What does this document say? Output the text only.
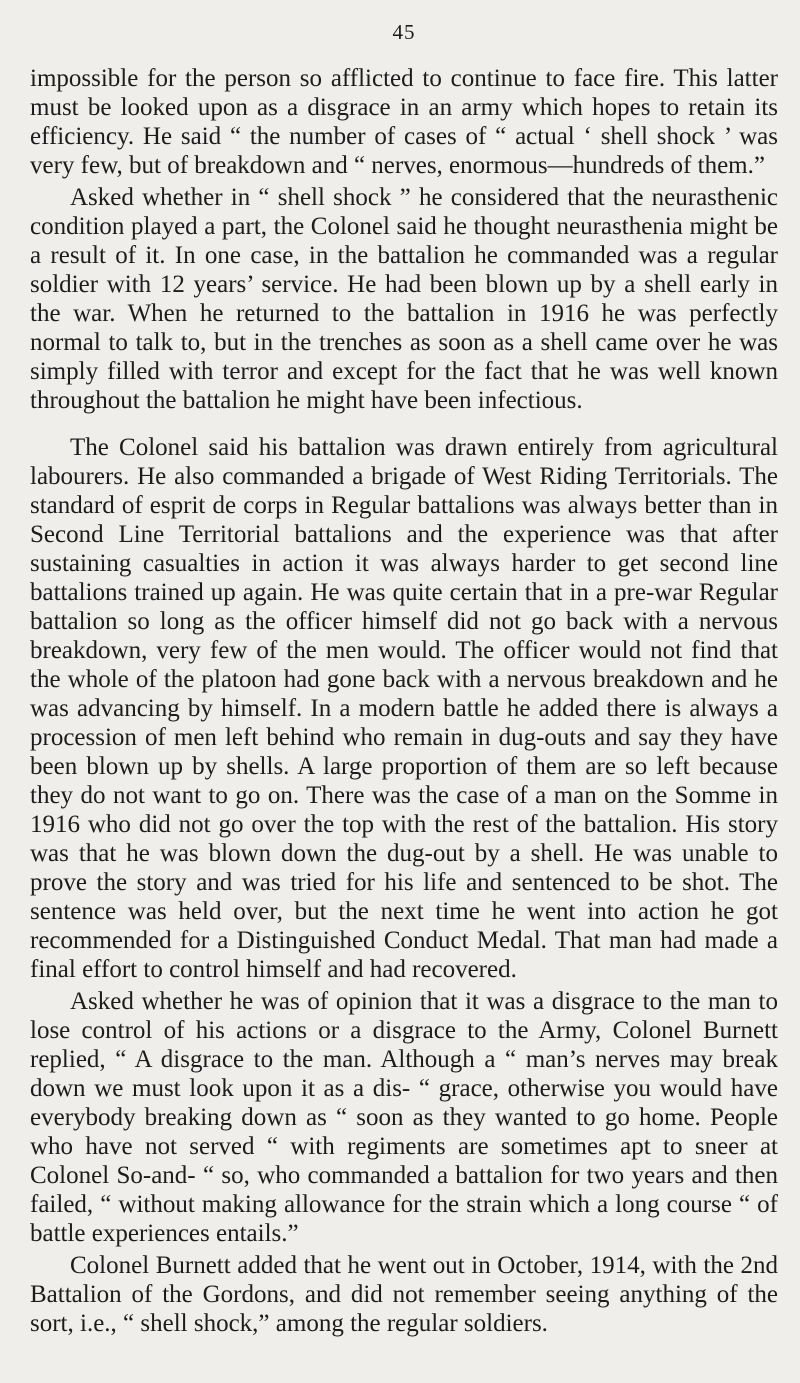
45

impossible for the person so afflicted to continue to face fire. This latter must be looked upon as a disgrace in an army which hopes to retain its efficiency. He said “ the number of cases of “ actual ‘ shell shock ’ was very few, but of breakdown and “ nerves, enormous—hundreds of them.”

Asked whether in “ shell shock ” he considered that the neurasthenic condition played a part, the Colonel said he thought neurasthenia might be a result of it. In one case, in the battalion he commanded was a regular soldier with 12 years’ service. He had been blown up by a shell early in the war. When he returned to the battalion in 1916 he was perfectly normal to talk to, but in the trenches as soon as a shell came over he was simply filled with terror and except for the fact that he was well known throughout the battalion he might have been infectious.

The Colonel said his battalion was drawn entirely from agricultural labourers. He also commanded a brigade of West Riding Territorials. The standard of esprit de corps in Regular battalions was always better than in Second Line Territorial battalions and the experience was that after sustaining casualties in action it was always harder to get second line battalions trained up again. He was quite certain that in a pre-war Regular battalion so long as the officer himself did not go back with a nervous breakdown, very few of the men would. The officer would not find that the whole of the platoon had gone back with a nervous breakdown and he was advancing by himself. In a modern battle he added there is always a procession of men left behind who remain in dug-outs and say they have been blown up by shells. A large proportion of them are so left because they do not want to go on. There was the case of a man on the Somme in 1916 who did not go over the top with the rest of the battalion. His story was that he was blown down the dug-out by a shell. He was unable to prove the story and was tried for his life and sentenced to be shot. The sentence was held over, but the next time he went into action he got recommended for a Distinguished Conduct Medal. That man had made a final effort to control himself and had recovered.

Asked whether he was of opinion that it was a disgrace to the man to lose control of his actions or a disgrace to the Army, Colonel Burnett replied, “ A disgrace to the man. Although a “ man’s nerves may break down we must look upon it as a dis- “ grace, otherwise you would have everybody breaking down as “ soon as they wanted to go home. People who have not served “ with regiments are sometimes apt to sneer at Colonel So-and- “ so, who commanded a battalion for two years and then failed, “ without making allowance for the strain which a long course “ of battle experiences entails.”

Colonel Burnett added that he went out in October, 1914, with the 2nd Battalion of the Gordons, and did not remember seeing anything of the sort, i.e., “ shell shock,” among the regular soldiers.
